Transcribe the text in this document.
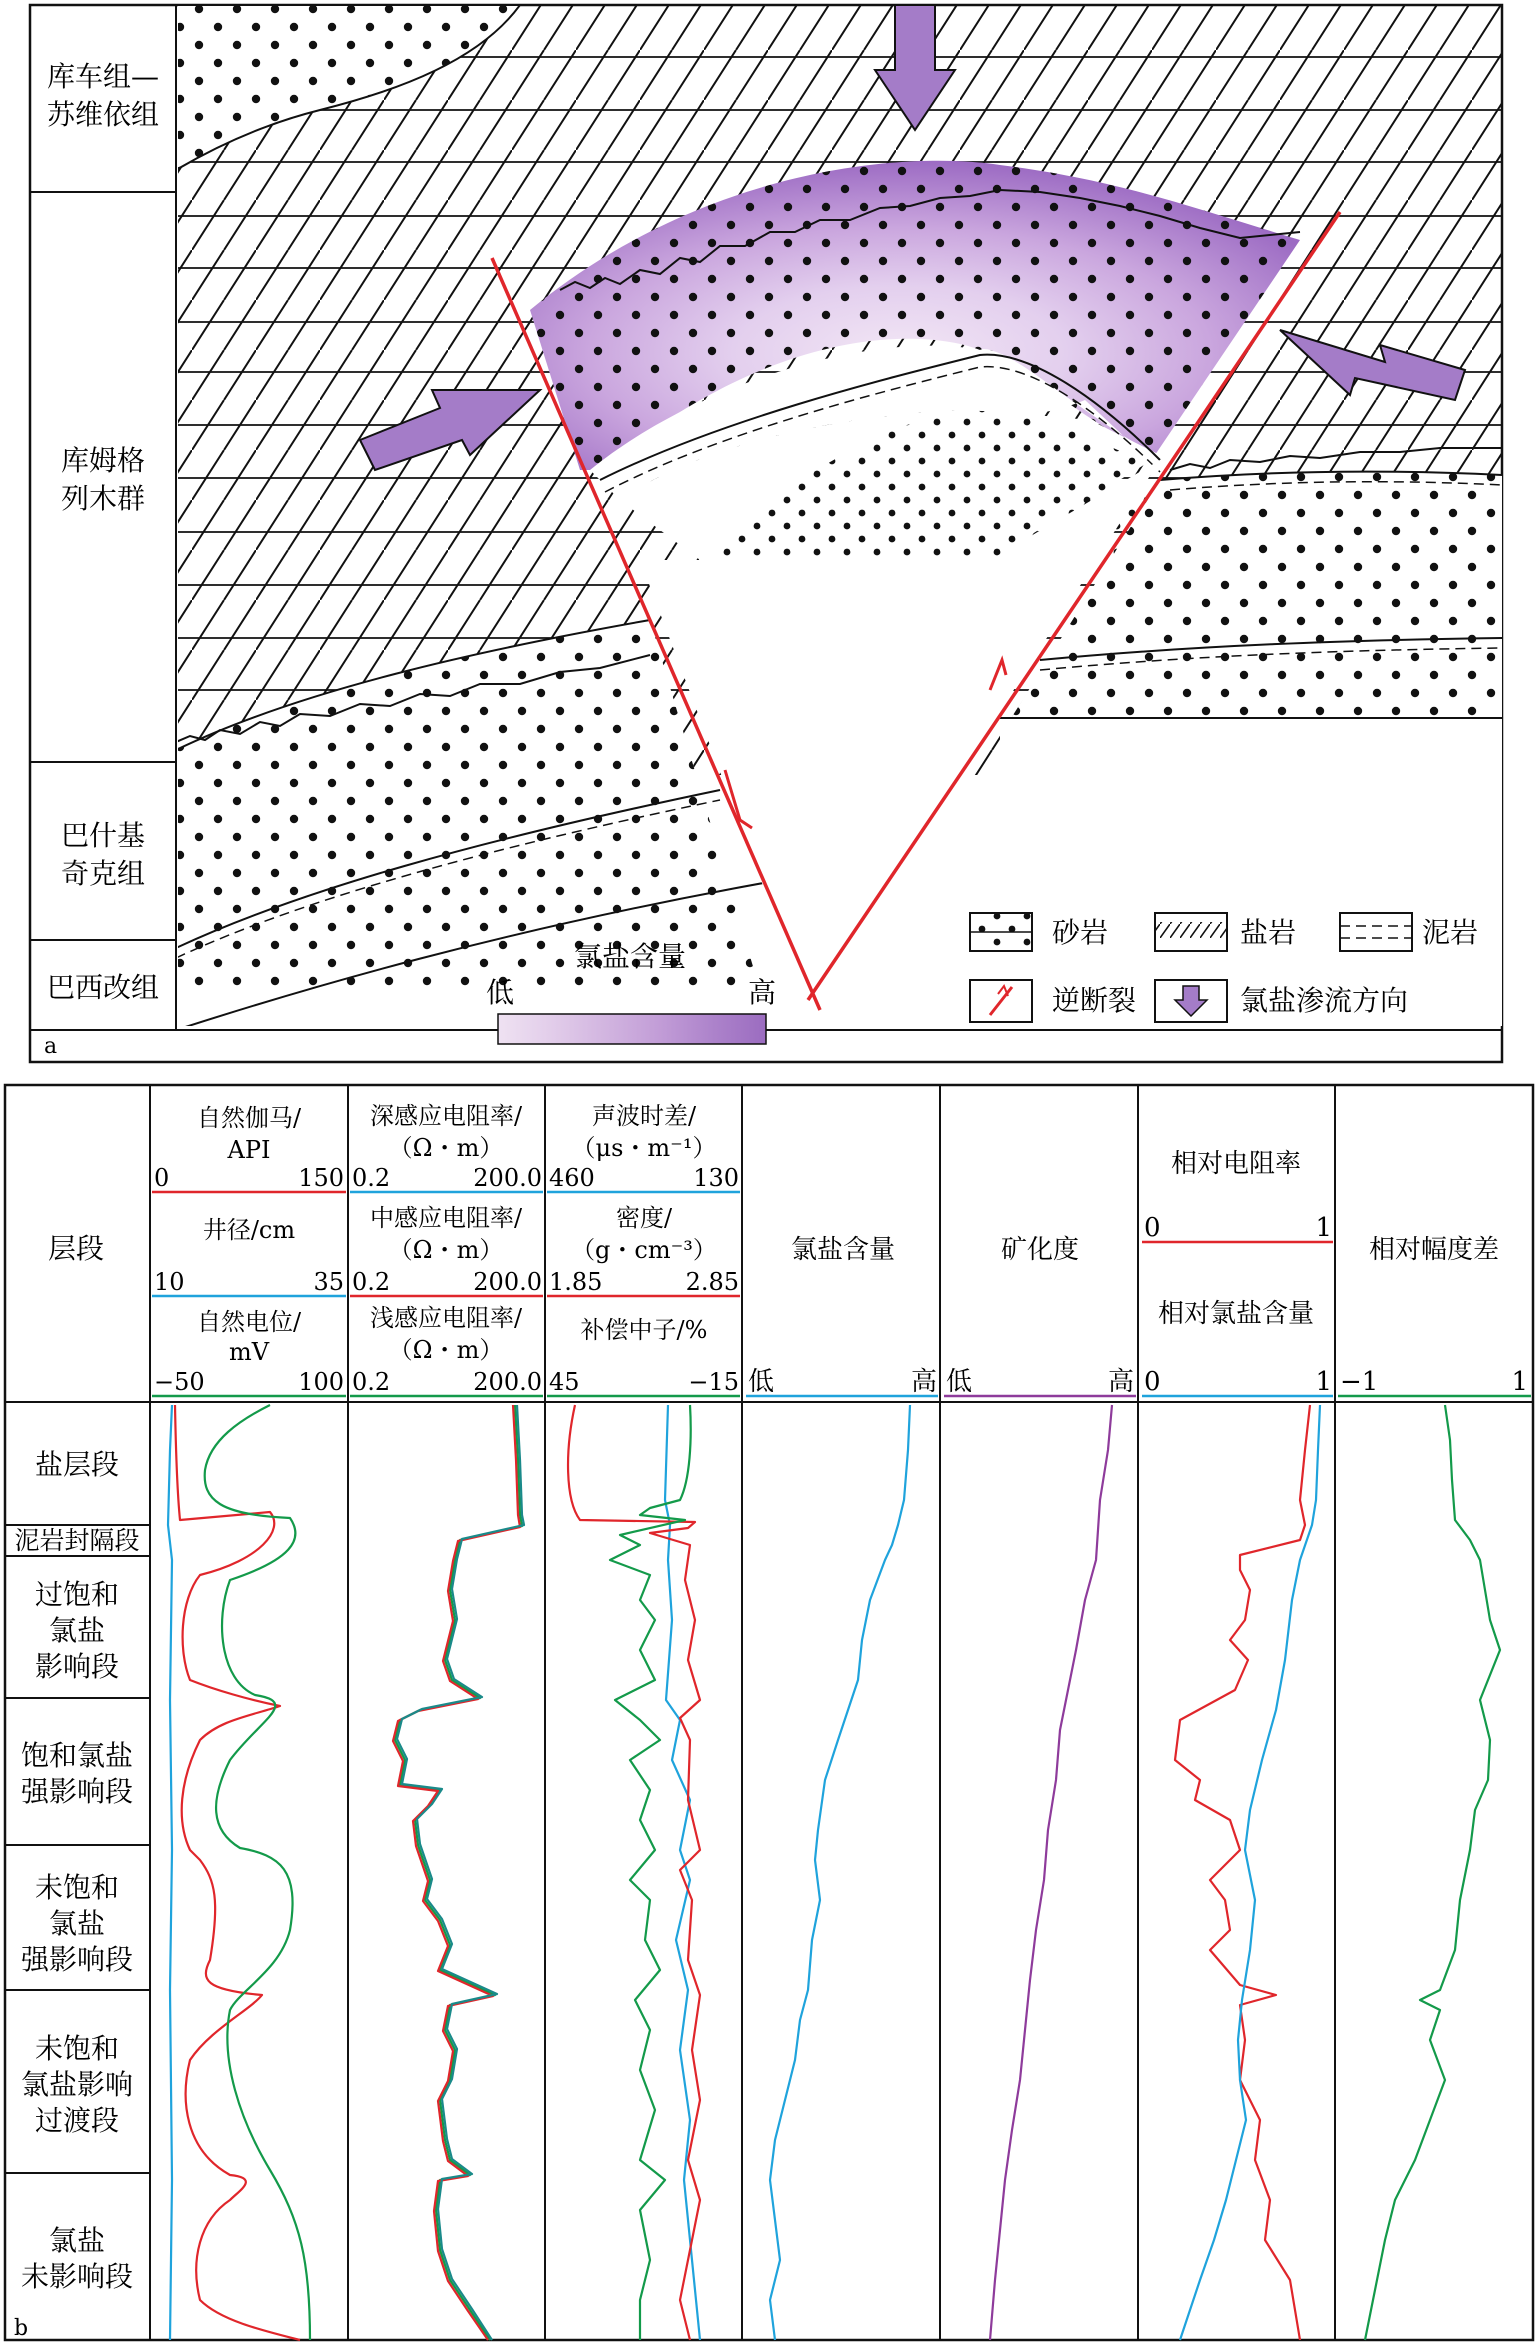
库车组—苏维依组
库姆格列木群
巴什基奇克组
巴西改组
a
氯盐含量
低	高
砂岩	盐岩	泥岩
逆断裂	氯盐渗流方向
层段
b
盐层段
泥岩封隔段
过饱和氯盐影响段
饱和氯盐强影响段
未饱和氯盐强影响段
未饱和氯盐影响过渡段
氯盐未影响段
自然伽马/
API
0	150
井径/cm
10	35
自然电位/
mV
−50	100
深感应电阻率/
（Ω・m）
0.2	200.0
中感应电阻率/
（Ω・m）
0.2	200.0
浅感应电阻率/
（Ω・m）
0.2	200.0
声波时差/
（μs・m⁻¹）
460	130
密度/
（g・cm⁻³）
1.85	2.85
补偿中子/%
45	−15
氯盐含量
低	高
矿化度
低	高
相对电阻率
0	1
相对氯盐含量
0	1
相对幅度差
−1	1
